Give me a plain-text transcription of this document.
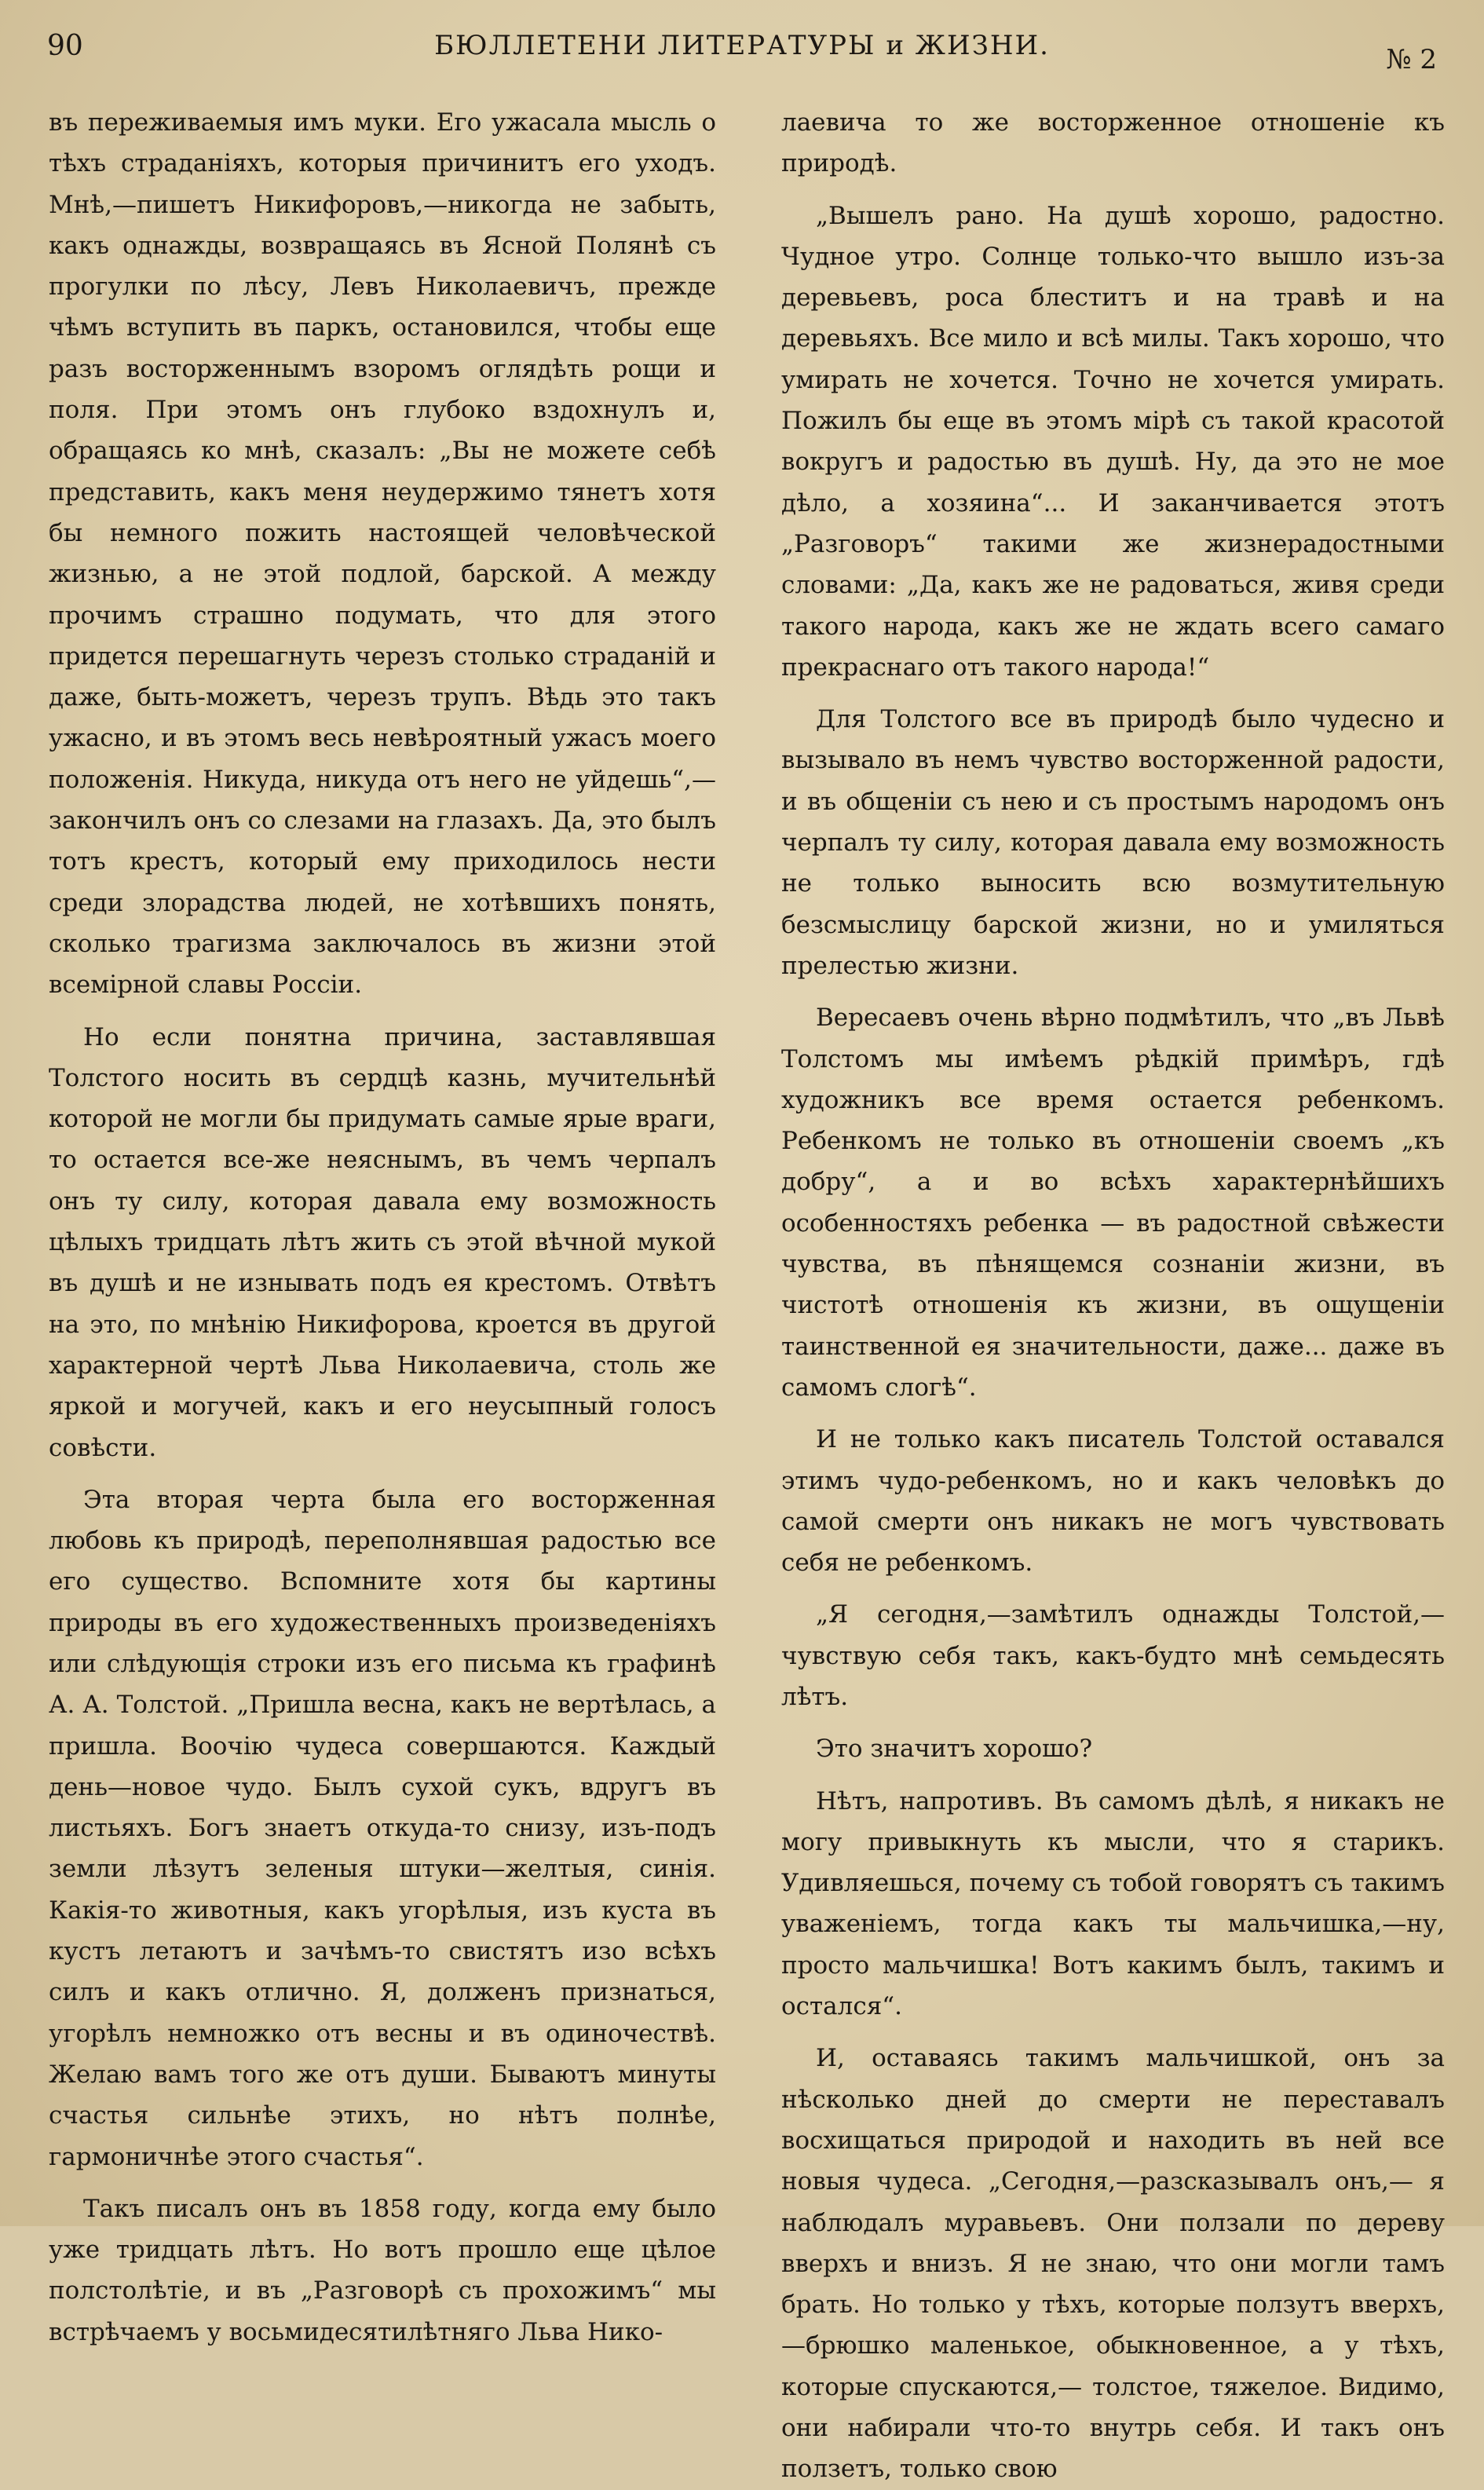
90	БЮЛЛЕТЕНИ ЛИТЕРАТУРЫ и ЖИЗНИ.	№ 2

въ переживаемыя имъ муки. Его ужасала мысль о тѣхъ страданіяхъ, которыя причинитъ его уходъ. Мнѣ,—пишетъ Никифоровъ,—никогда не забыть, какъ однажды, возвращаясь въ Ясной Полянѣ съ прогулки по лѣсу, Левъ Николаевичъ, прежде чѣмъ вступить въ паркъ, остановился, чтобы еще разъ восторженнымъ взоромъ оглядѣть рощи и поля. При этомъ онъ глубоко вздохнулъ и, обращаясь ко мнѣ, сказалъ: „Вы не можете себѣ представить, какъ меня неудержимо тянетъ хотя бы немного пожить настоящей человѣческой жизнью, а не этой подлой, барской. А между прочимъ страшно подумать, что для этого придется перешагнуть черезъ столько страданій и даже, быть-можетъ, черезъ трупъ. Вѣдь это такъ ужасно, и въ этомъ весь невѣроятный ужасъ моего положенія. Никуда, никуда отъ него не уйдешь“,— закончилъ онъ со слезами на глазахъ. Да, это былъ тотъ крестъ, который ему приходилось нести среди злорадства людей, не хотѣвшихъ понять, сколько трагизма заключалось въ жизни этой всемірной славы Россіи.

Но если понятна причина, заставлявшая Толстого носить въ сердцѣ казнь, мучительнѣй которой не могли бы придумать самые ярые враги, то остается все-же неяснымъ, въ чемъ черпалъ онъ ту силу, которая давала ему возможность цѣлыхъ тридцать лѣтъ жить съ этой вѣчной мукой въ душѣ и не изнывать подъ ея крестомъ. Отвѣтъ на это, по мнѣнію Никифорова, кроется въ другой характерной чертѣ Льва Николаевича, столь же яркой и могучей, какъ и его неусыпный голосъ совѣсти.

Эта вторая черта была его восторженная любовь къ природѣ, переполнявшая радостью все его существо. Вспомните хотя бы картины природы въ его художественныхъ произведеніяхъ или слѣдующія строки изъ его письма къ графинѣ А. А. Толстой. „Пришла весна, какъ не вертѣлась, а пришла. Воочію чудеса совершаются. Каждый день—новое чудо. Былъ сухой сукъ, вдругъ въ листьяхъ. Богъ знаетъ откуда-то снизу, изъ-подъ земли лѣзутъ зеленыя штуки—желтыя, синія. Какія-то животныя, какъ угорѣлыя, изъ куста въ кустъ летаютъ и зачѣмъ-то свистятъ изо всѣхъ силъ и какъ отлично. Я, долженъ признаться, угорѣлъ немножко отъ весны и въ одиночествѣ. Желаю вамъ того же отъ души. Бываютъ минуты счастья сильнѣе этихъ, но нѣтъ полнѣе, гармоничнѣе этого счастья“.

Такъ писалъ онъ въ 1858 году, когда ему было уже тридцать лѣтъ. Но вотъ прошло еще цѣлое полстолѣтіе, и въ „Разговорѣ съ прохожимъ“ мы встрѣчаемъ у восьмидесятилѣтняго Льва Нико-

лаевича то же восторженное отношеніе къ природѣ.

„Вышелъ рано. На душѣ хорошо, радостно. Чудное утро. Солнце только-что вышло изъ-за деревьевъ, роса блеститъ и на травѣ и на деревьяхъ. Все мило и всѣ милы. Такъ хорошо, что умирать не хочется. Точно не хочется умирать. Пожилъ бы еще въ этомъ мірѣ съ такой красотой вокругъ и радостью въ душѣ. Ну, да это не мое дѣло, а хозяина“... И заканчивается этотъ „Разговоръ“ такими же жизнерадостными словами: „Да, какъ же не радоваться, живя среди такого народа, какъ же не ждать всего самаго прекраснаго отъ такого народа!“

Для Толстого все въ природѣ было чудесно и вызывало въ немъ чувство восторженной радости, и въ общеніи съ нею и съ простымъ народомъ онъ черпалъ ту силу, которая давала ему возможность не только выносить всю возмутительную безсмыслицу барской жизни, но и умиляться прелестью жизни.

Вересаевъ очень вѣрно подмѣтилъ, что „въ Львѣ Толстомъ мы имѣемъ рѣдкій примѣръ, гдѣ художникъ все время остается ребенкомъ. Ребенкомъ не только въ отношеніи своемъ „къ добру“, а и во всѣхъ характернѣйшихъ особенностяхъ ребенка — въ радостной свѣжести чувства, въ пѣнящемся сознаніи жизни, въ чистотѣ отношенія къ жизни, въ ощущеніи таинственной ея значительности, даже... даже въ самомъ слогѣ“.

И не только какъ писатель Толстой оставался этимъ чудо-ребенкомъ, но и какъ человѣкъ до самой смерти онъ никакъ не могъ чувствовать себя не ребенкомъ.

„Я сегодня,—замѣтилъ однажды Толстой,— чувствую себя такъ, какъ-будто мнѣ семьдесять лѣтъ.

Это значитъ хорошо?

Нѣтъ, напротивъ. Въ самомъ дѣлѣ, я никакъ не могу привыкнуть къ мысли, что я старикъ. Удивляешься, почему съ тобой говорятъ съ такимъ уваженіемъ, тогда какъ ты мальчишка,—ну, просто мальчишка! Вотъ какимъ былъ, такимъ и остался“.

И, оставаясь такимъ мальчишкой, онъ за нѣсколько дней до смерти не переставалъ восхищаться природой и находить въ ней все новыя чудеса. „Сегодня,—разсказывалъ онъ,— я наблюдалъ муравьевъ. Они ползали по дереву вверхъ и внизъ. Я не знаю, что они могли тамъ брать. Но только у тѣхъ, которые ползутъ вверхъ,—брюшко маленькое, обыкновенное, а у тѣхъ, которые спускаются,— толстое, тяжелое. Видимо, они набирали что-то внутрь себя. И такъ онъ ползетъ, только свою
